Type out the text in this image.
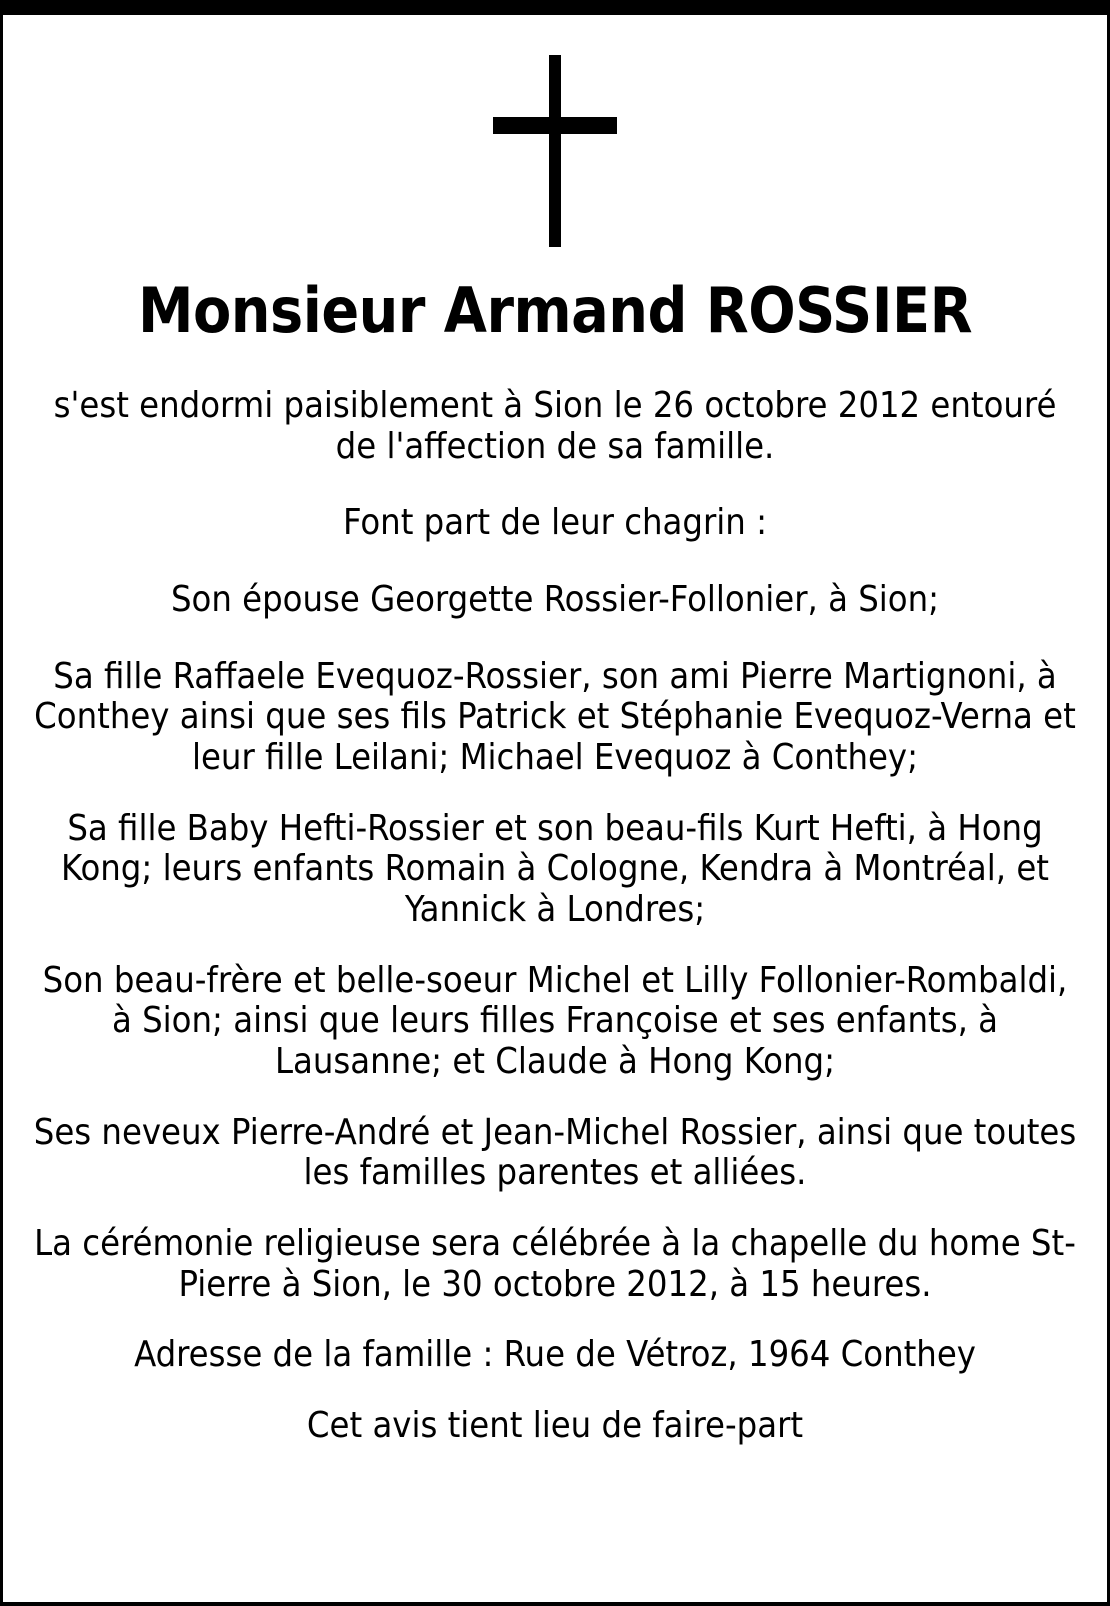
Monsieur Armand ROSSIER

s'est endormi paisiblement à Sion le 26 octobre 2012 entouré de l'affection de sa famille.

Font part de leur chagrin :

Son épouse Georgette Rossier-Follonier, à Sion;

Sa fille Raffaele Evequoz-Rossier, son ami Pierre Martignoni, à Conthey ainsi que ses fils Patrick et Stéphanie Evequoz-Verna et leur fille Leilani; Michael Evequoz à Conthey;

Sa fille Baby Hefti-Rossier et son beau-fils Kurt Hefti, à Hong Kong; leurs enfants Romain à Cologne, Kendra à Montréal, et Yannick à Londres;

Son beau-frère et belle-soeur Michel et Lilly Follonier-Rombaldi, à Sion; ainsi que leurs filles Françoise et ses enfants, à Lausanne; et Claude à Hong Kong;

Ses neveux Pierre-André et Jean-Michel Rossier, ainsi que toutes les familles parentes et alliées.

La cérémonie religieuse sera célébrée à la chapelle du home St-Pierre à Sion, le 30 octobre 2012, à 15 heures.

Adresse de la famille : Rue de Vétroz, 1964 Conthey

Cet avis tient lieu de faire-part
